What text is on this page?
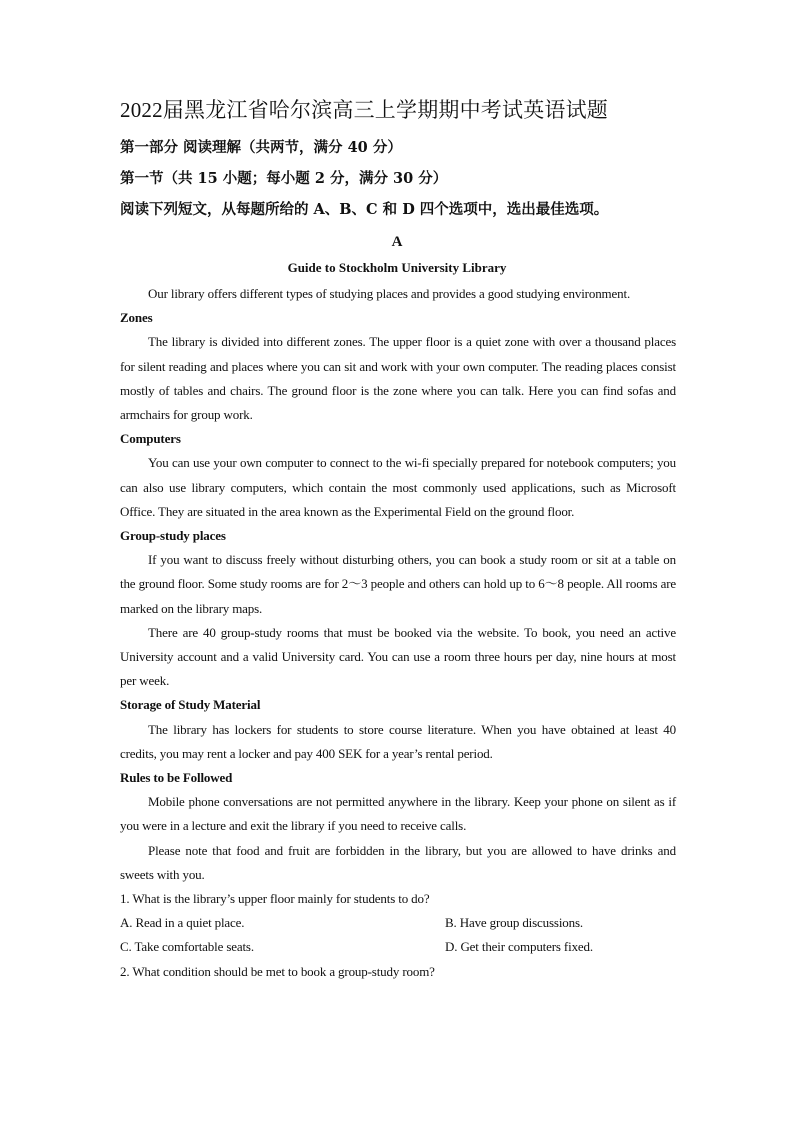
2022届黑龙江省哈尔滨高三上学期期中考试英语试题
第一部分 阅读理解（共两节，满分 40 分）
第一节（共 15 小题；每小题 2 分，满分 30 分）
阅读下列短文，从每题所给的 A、B、C 和 D 四个选项中，选出最佳选项。
A
Guide to Stockholm University Library

Our library offers different types of studying places and provides a good studying environment.

Zones

The library is divided into different zones. The upper floor is a quiet zone with over a thousand places for silent reading and places where you can sit and work with your own computer. The reading places consist mostly of tables and chairs. The ground floor is the zone where you can talk. Here you can find sofas and armchairs for group work.

Computers

You can use your own computer to connect to the wi-fi specially prepared for notebook computers; you can also use library computers, which contain the most commonly used applications, such as Microsoft Office. They are situated in the area known as the Experimental Field on the ground floor.

Group-study places

If you want to discuss freely without disturbing others, you can book a study room or sit at a table on the ground floor. Some study rooms are for 2～3 people and others can hold up to 6～8 people. All rooms are marked on the library maps.

There are 40 group-study rooms that must be booked via the website. To book, you need an active University account and a valid University card. You can use a room three hours per day, nine hours at most per week.

Storage of Study Material

The library has lockers for students to store course literature. When you have obtained at least 40 credits, you may rent a locker and pay 400 SEK for a year’s rental period.

Rules to be Followed

Mobile phone conversations are not permitted anywhere in the library. Keep your phone on silent as if you were in a lecture and exit the library if you need to receive calls.

Please note that food and fruit are forbidden in the library, but you are allowed to have drinks and sweets with you.

1. What is the library’s upper floor mainly for students to do?

A. Read in a quiet place.	B. Have group discussions.
C. Take comfortable seats.	D. Get their computers fixed.

2. What condition should be met to book a group-study room?
